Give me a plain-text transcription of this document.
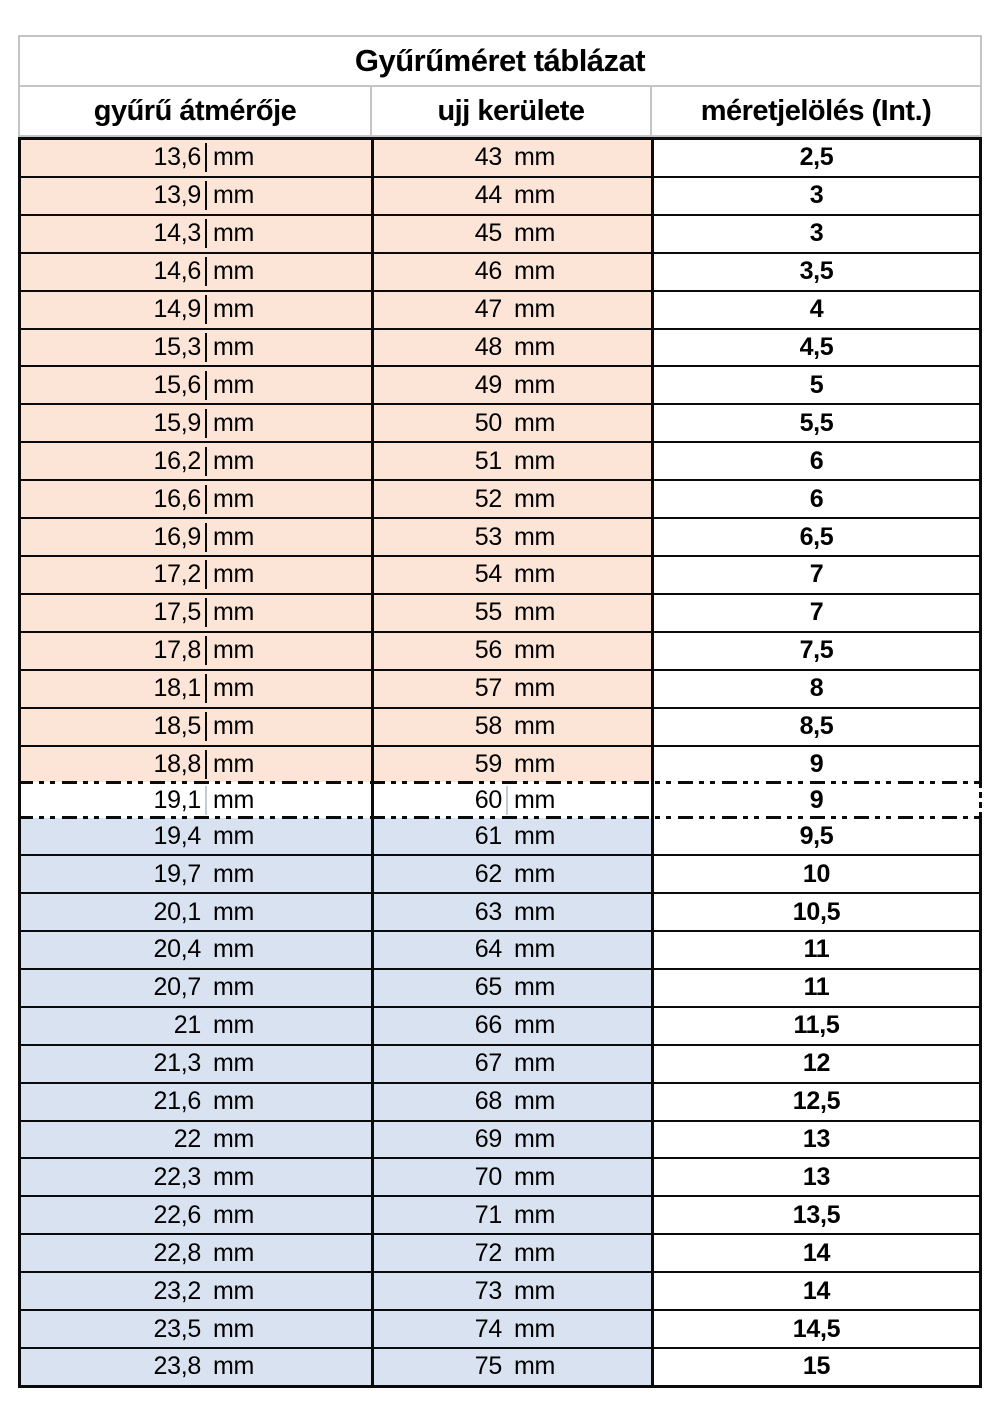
Gyűrűméret táblázat
gyűrű átmérője	ujj kerülete	méretjelölés (Int.)
13,6 mm	43 mm	2,5
13,9 mm	44 mm	3
14,3 mm	45 mm	3
14,6 mm	46 mm	3,5
14,9 mm	47 mm	4
15,3 mm	48 mm	4,5
15,6 mm	49 mm	5
15,9 mm	50 mm	5,5
16,2 mm	51 mm	6
16,6 mm	52 mm	6
16,9 mm	53 mm	6,5
17,2 mm	54 mm	7
17,5 mm	55 mm	7
17,8 mm	56 mm	7,5
18,1 mm	57 mm	8
18,5 mm	58 mm	8,5
18,8 mm	59 mm	9
19,1 mm	60 mm	9
19,4 mm	61 mm	9,5
19,7 mm	62 mm	10
20,1 mm	63 mm	10,5
20,4 mm	64 mm	11
20,7 mm	65 mm	11
21 mm	66 mm	11,5
21,3 mm	67 mm	12
21,6 mm	68 mm	12,5
22 mm	69 mm	13
22,3 mm	70 mm	13
22,6 mm	71 mm	13,5
22,8 mm	72 mm	14
23,2 mm	73 mm	14
23,5 mm	74 mm	14,5
23,8 mm	75 mm	15
